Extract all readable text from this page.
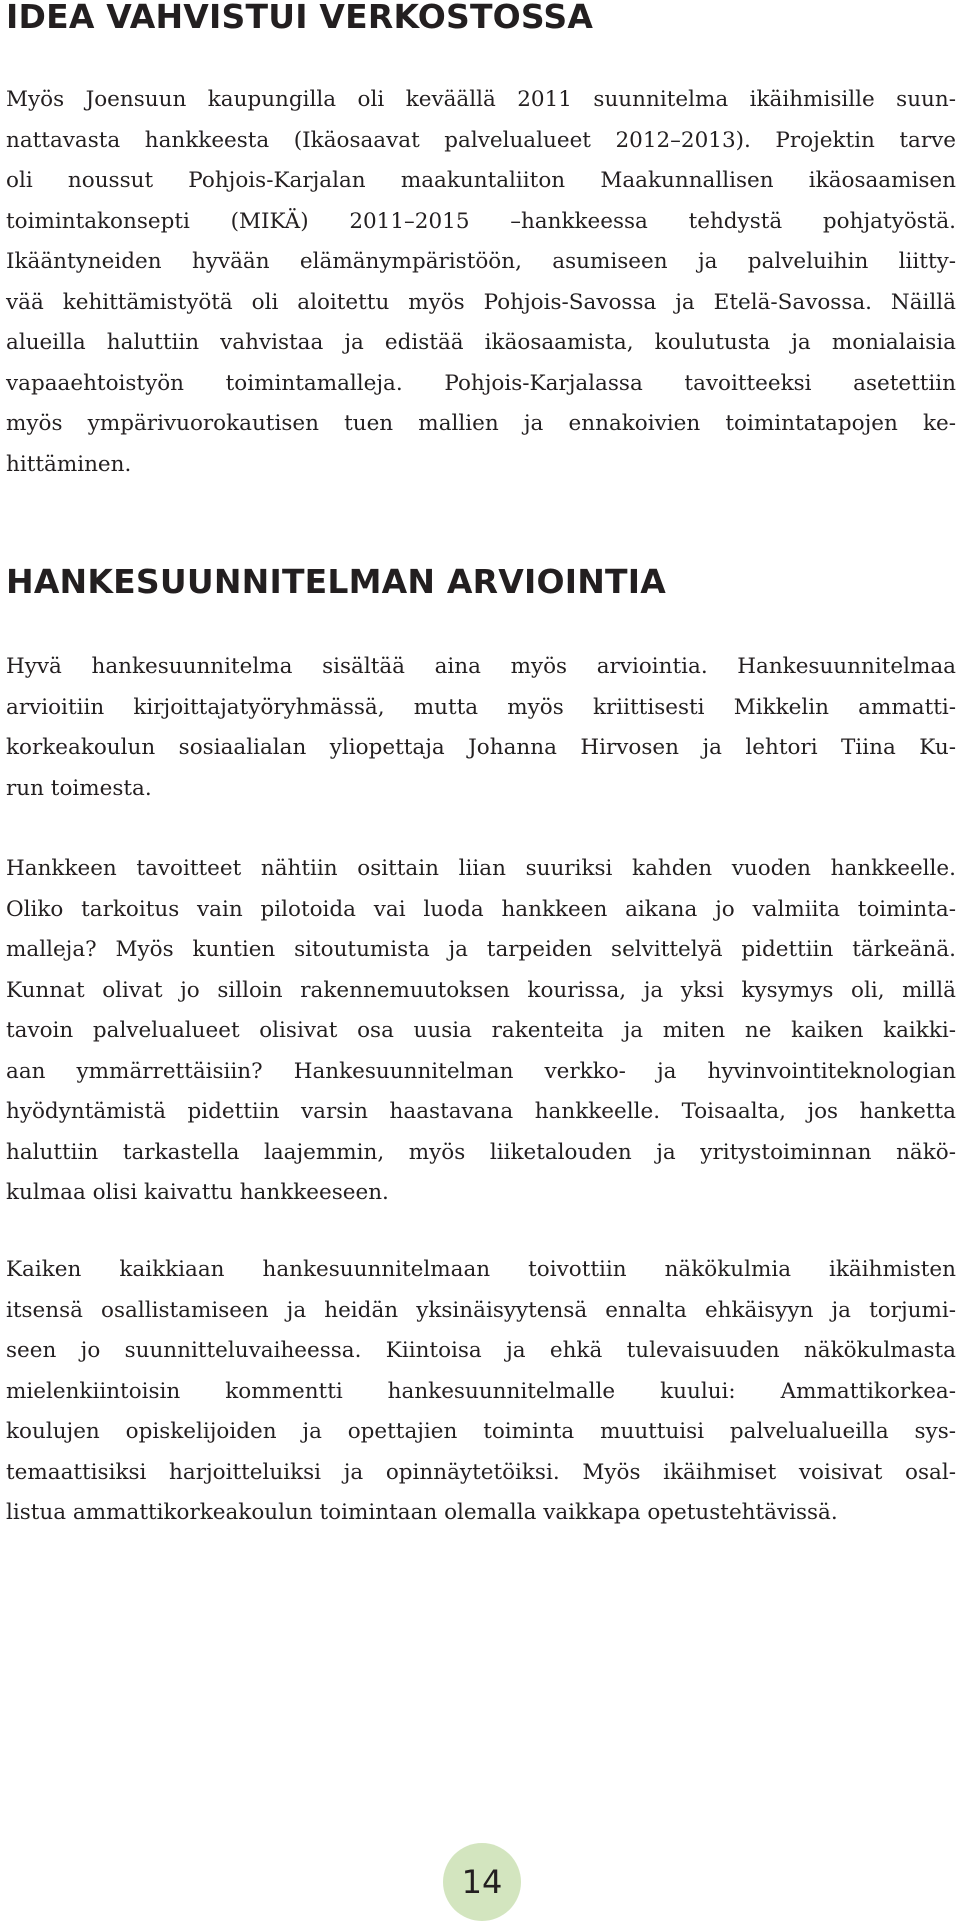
IDEA VAHVISTUI VERKOSTOSSA

Myös Joensuun kaupungilla oli keväällä 2011 suunnitelma ikäihmisille suun-
nattavasta hankkeesta (Ikäosaavat palvelualueet 2012–2013). Projektin tarve
oli noussut Pohjois-Karjalan maakuntaliiton Maakunnallisen ikäosaamisen
toimintakonsepti (MIKÄ) 2011–2015 –hankkeessa tehdystä pohjatyöstä.
Ikääntyneiden hyvään elämänympäristöön, asumiseen ja palveluihin liitty-
vää kehittämistyötä oli aloitettu myös Pohjois-Savossa ja Etelä-Savossa. Näillä
alueilla haluttiin vahvistaa ja edistää ikäosaamista, koulutusta ja monialaisia
vapaaehtoistyön toimintamalleja. Pohjois-Karjalassa tavoitteeksi asetettiin
myös ympärivuorokautisen tuen mallien ja ennakoivien toimintatapojen ke-
hittäminen.

HANKESUUNNITELMAN ARVIOINTIA

Hyvä hankesuunnitelma sisältää aina myös arviointia. Hankesuunnitelmaa
arvioitiin kirjoittajatyöryhmässä, mutta myös kriittisesti Mikkelin ammatti-
korkeakoulun sosiaalialan yliopettaja Johanna Hirvosen ja lehtori Tiina Ku-
run toimesta.

Hankkeen tavoitteet nähtiin osittain liian suuriksi kahden vuoden hankkeelle.
Oliko tarkoitus vain pilotoida vai luoda hankkeen aikana jo valmiita toiminta-
malleja? Myös kuntien sitoutumista ja tarpeiden selvittelyä pidettiin tärkeänä.
Kunnat olivat jo silloin rakennemuutoksen kourissa, ja yksi kysymys oli, millä
tavoin palvelualueet olisivat osa uusia rakenteita ja miten ne kaiken kaikki-
aan ymmärrettäisiin? Hankesuunnitelman verkko- ja hyvinvointiteknologian
hyödyntämistä pidettiin varsin haastavana hankkeelle. Toisaalta, jos hanketta
haluttiin tarkastella laajemmin, myös liiketalouden ja yritystoiminnan näkö-
kulmaa olisi kaivattu hankkeeseen.

Kaiken kaikkiaan hankesuunnitelmaan toivottiin näkökulmia ikäihmisten
itsensä osallistamiseen ja heidän yksinäisyytensä ennalta ehkäisyyn ja torjumi-
seen jo suunnitteluvaiheessa. Kiintoisa ja ehkä tulevaisuuden näkökulmasta
mielenkiintoisin kommentti hankesuunnitelmalle kuului: Ammattikorkea-
koulujen opiskelijoiden ja opettajien toiminta muuttuisi palvelualueilla sys-
temaattisiksi harjoitteluiksi ja opinnäytetöiksi. Myös ikäihmiset voisivat osal-
listua ammattikorkeakoulun toimintaan olemalla vaikkapa opetustehtävissä.

14
